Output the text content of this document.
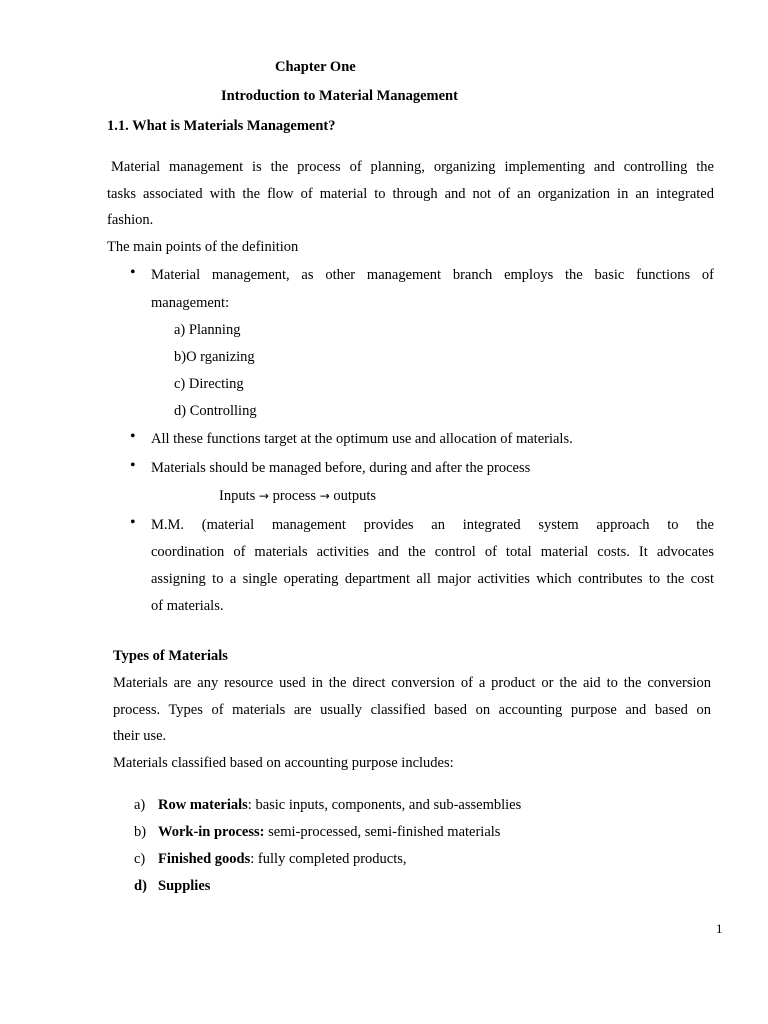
Chapter One
Introduction to Material Management
1.1. What is Materials Management?
Material management is the process of planning, organizing implementing and controlling the
tasks associated with the flow of material to through and not of an organization in an integrated
fashion.
The main points of the definition
• Material management, as other management branch employs the basic functions of
management:
a) Planning
b)O rganizing
c) Directing
d) Controlling
• All these functions target at the optimum use and allocation of materials.
• Materials should be managed before, during and after the process
Inputs → process → outputs
• M.M. (material management provides an integrated system approach to the
coordination of materials activities and the control of total material costs. It advocates
assigning to a single operating department all major activities which contributes to the cost
of materials.
Types of Materials
Materials are any resource used in the direct conversion of a product or the aid to the conversion
process. Types of materials are usually classified based on accounting purpose and based on
their use.
Materials classified based on accounting purpose includes:
a) Row materials: basic inputs, components, and sub-assemblies
b) Work-in process: semi-processed, semi-finished materials
c) Finished goods: fully completed products,
d) Supplies
1
